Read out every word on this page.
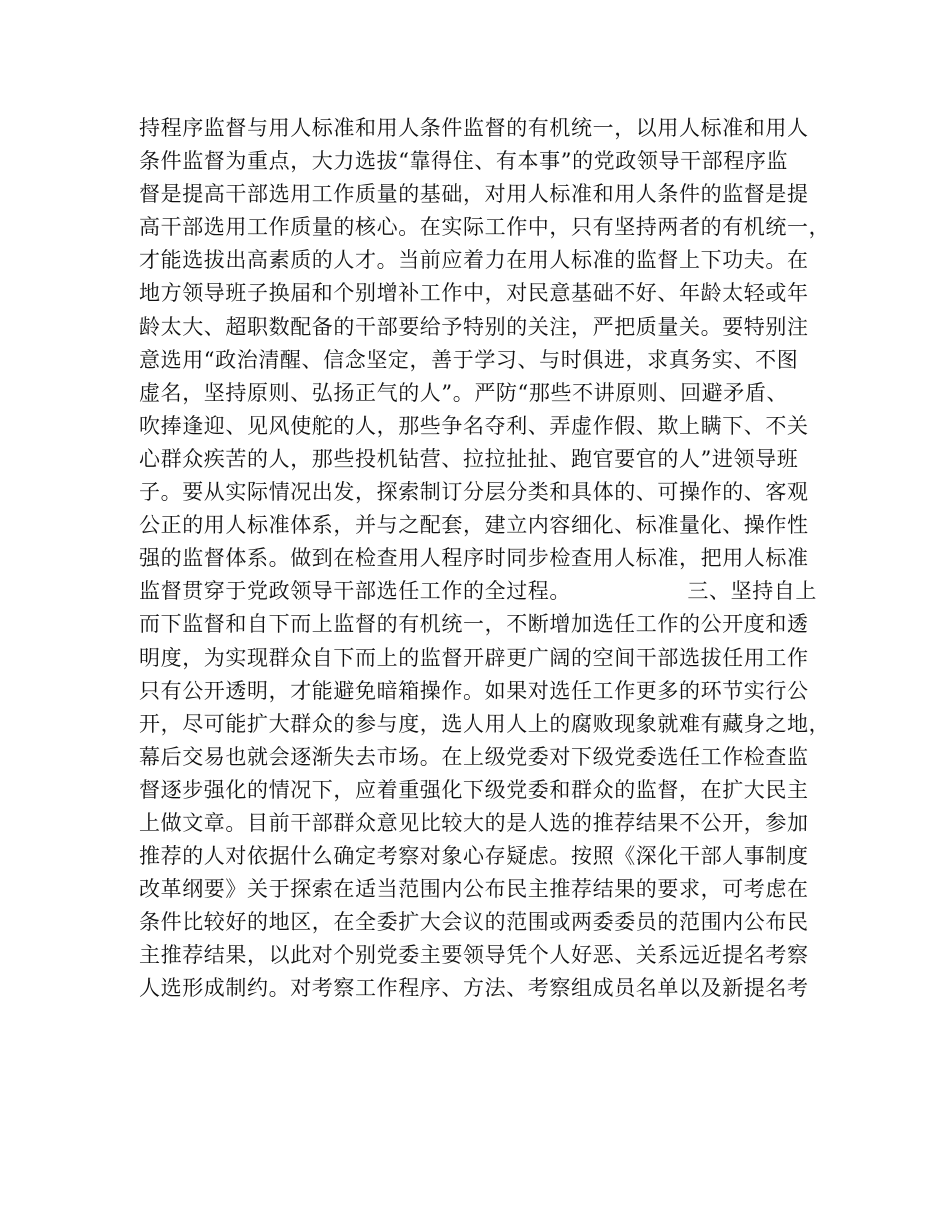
持程序监督与用人标准和用人条件监督的有机统一，以用人标准和用人
条件监督为重点，大力选拔“靠得住、有本事”的党政领导干部程序监
督是提高干部选用工作质量的基础，对用人标准和用人条件的监督是提
高干部选用工作质量的核心。在实际工作中，只有坚持两者的有机统一，
才能选拔出高素质的人才。当前应着力在用人标准的监督上下功夫。在
地方领导班子换届和个别增补工作中，对民意基础不好、年龄太轻或年
龄太大、超职数配备的干部要给予特别的关注，严把质量关。要特别注
意选用“政治清醒、信念坚定，善于学习、与时俱进，求真务实、不图
虚名，坚持原则、弘扬正气的人”。严防“那些不讲原则、回避矛盾、
吹捧逢迎、见风使舵的人，那些争名夺利、弄虚作假、欺上瞒下、不关
心群众疾苦的人，那些投机钻营、拉拉扯扯、跑官要官的人”进领导班
子。要从实际情况出发，探索制订分层分类和具体的、可操作的、客观
公正的用人标准体系，并与之配套，建立内容细化、标准量化、操作性
强的监督体系。做到在检查用人程序时同步检查用人标准，把用人标准
监督贯穿于党政领导干部选任工作的全过程。                三、坚持自上
而下监督和自下而上监督的有机统一，不断增加选任工作的公开度和透
明度，为实现群众自下而上的监督开辟更广阔的空间干部选拔任用工作
只有公开透明，才能避免暗箱操作。如果对选任工作更多的环节实行公
开，尽可能扩大群众的参与度，选人用人上的腐败现象就难有藏身之地，
幕后交易也就会逐渐失去市场。在上级党委对下级党委选任工作检查监
督逐步强化的情况下，应着重强化下级党委和群众的监督，在扩大民主
上做文章。目前干部群众意见比较大的是人选的推荐结果不公开，参加
推荐的人对依据什么确定考察对象心存疑虑。按照《深化干部人事制度
改革纲要》关于探索在适当范围内公布民主推荐结果的要求，可考虑在
条件比较好的地区，在全委扩大会议的范围或两委委员的范围内公布民
主推荐结果，以此对个别党委主要领导凭个人好恶、关系远近提名考察
人选形成制约。对考察工作程序、方法、考察组成员名单以及新提名考
